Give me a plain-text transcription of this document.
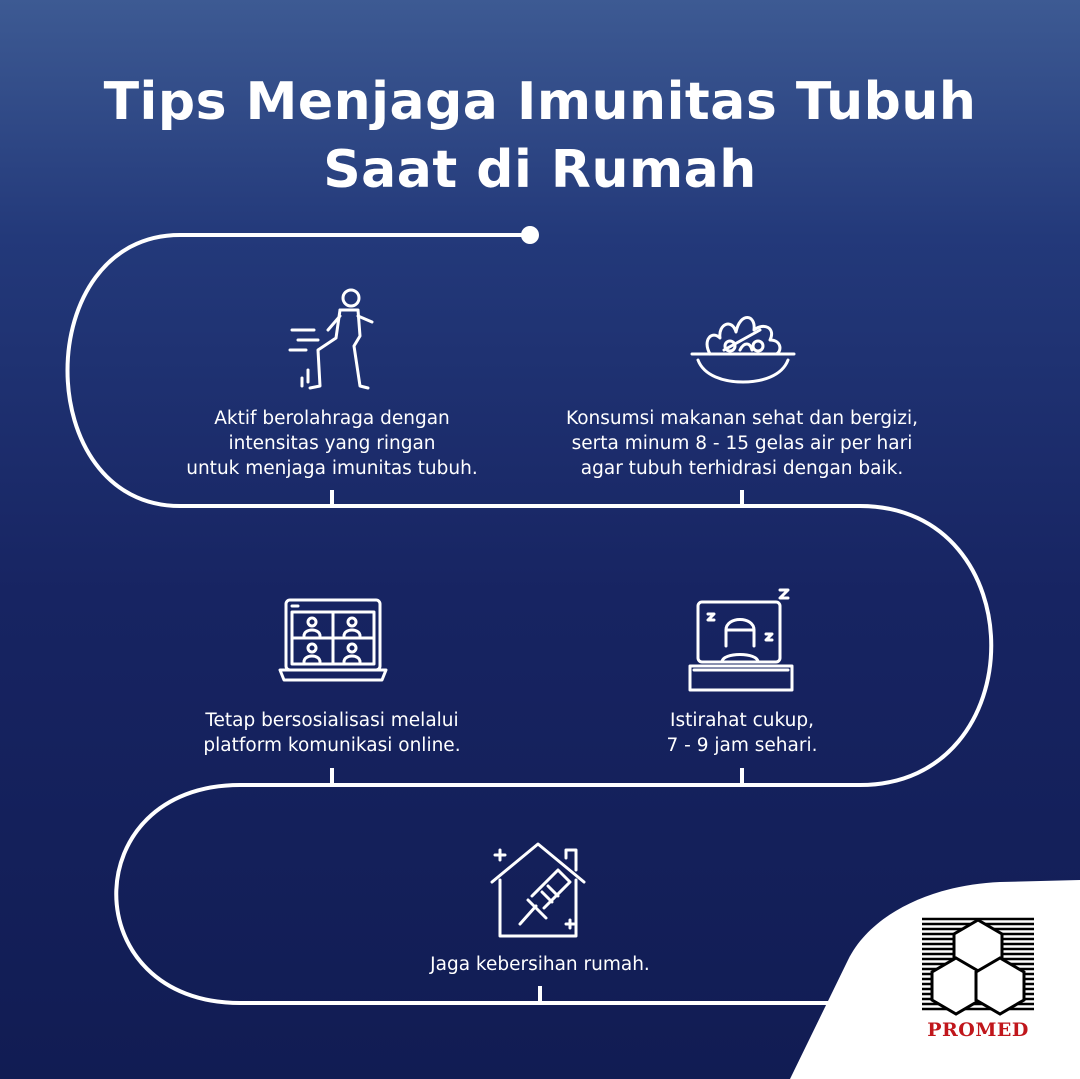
Tips Menjaga Imunitas Tubuh
Saat di Rumah
Aktif berolahraga dengan
intensitas yang ringan
untuk menjaga imunitas tubuh.
Konsumsi makanan sehat dan bergizi,
serta minum 8 - 15 gelas air per hari
agar tubuh terhidrasi dengan baik.
Tetap bersosialisasi melalui
platform komunikasi online.
Istirahat cukup,
7 - 9 jam sehari.
Jaga kebersihan rumah.
PROMED
